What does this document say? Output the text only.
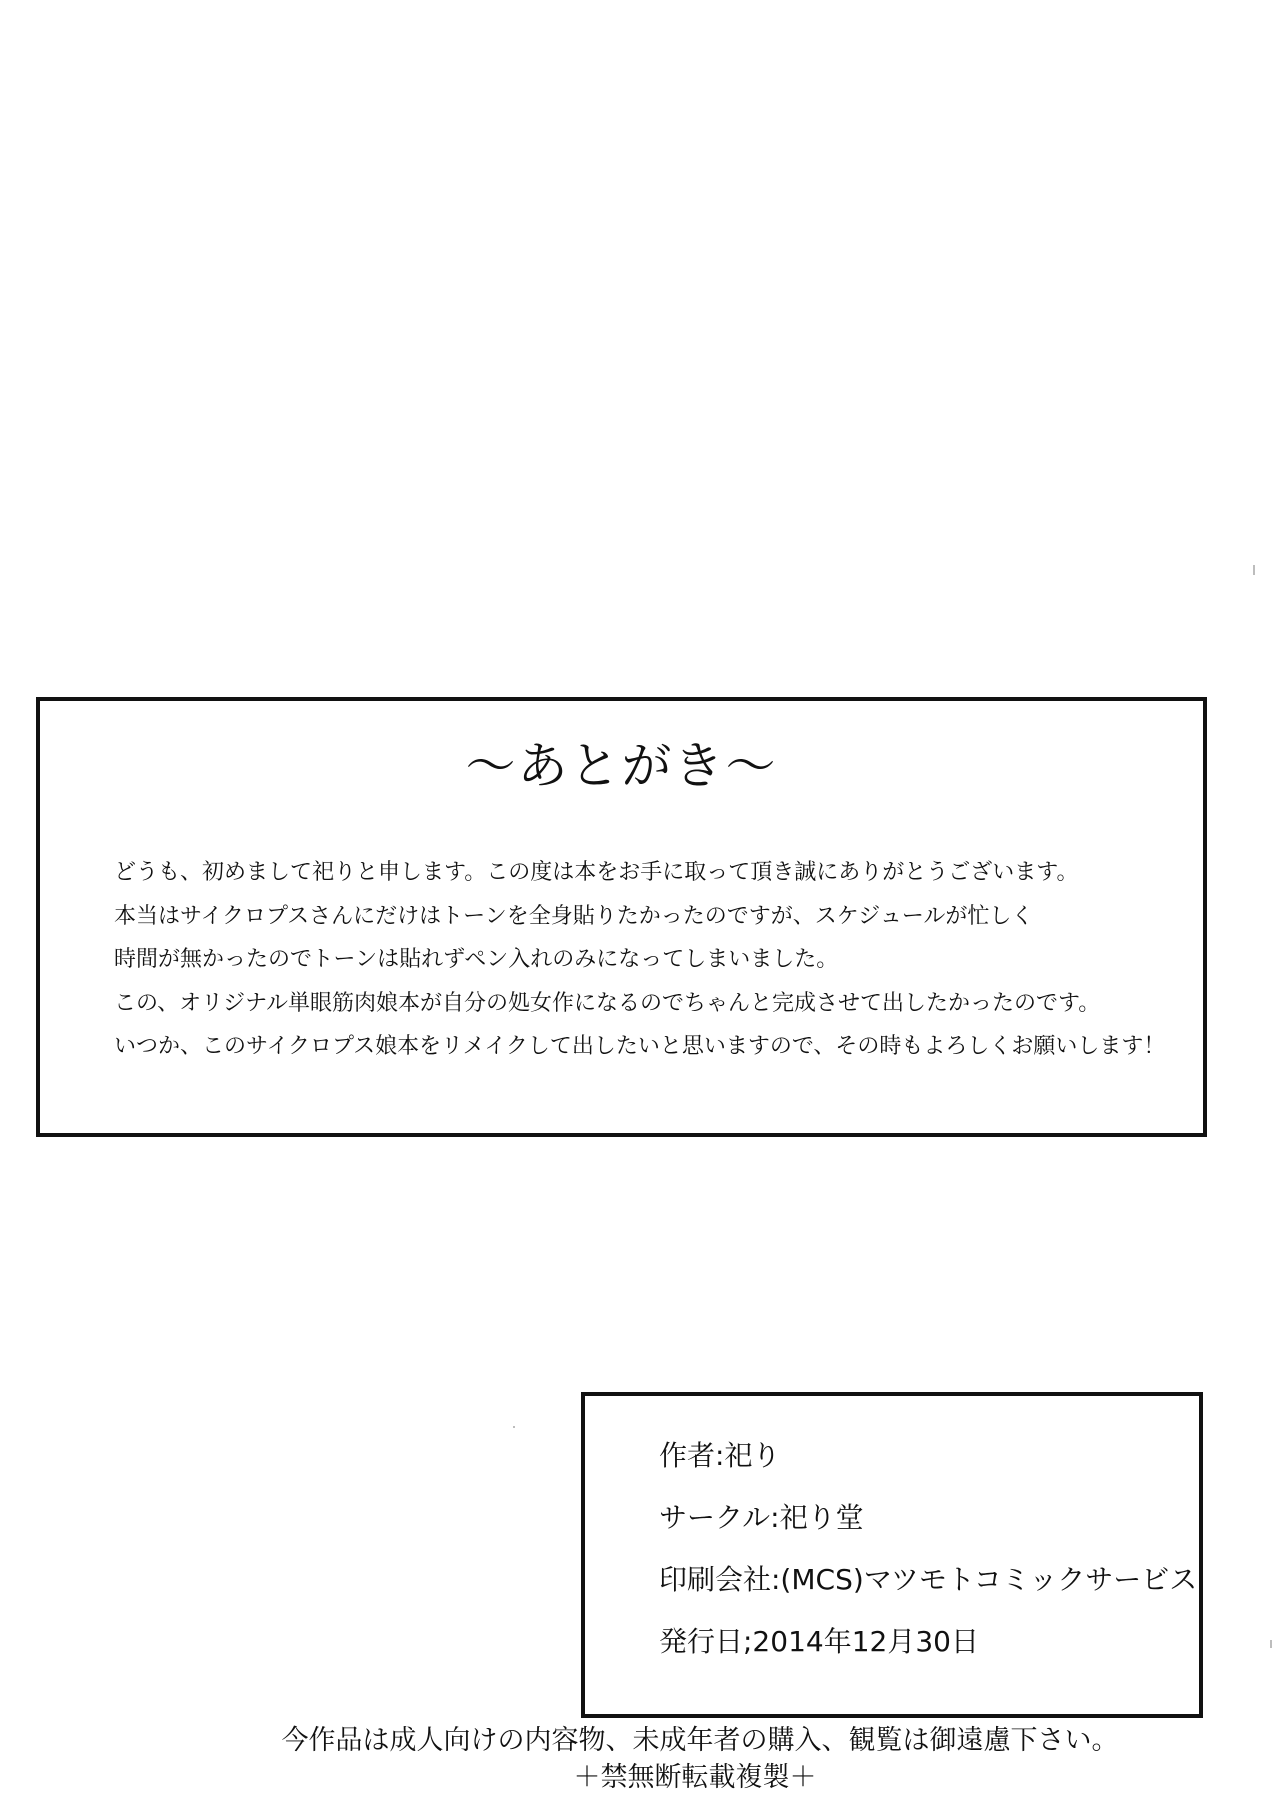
〜あとがき〜
どうも、初めまして祀りと申します。この度は本をお手に取って頂き誠にありがとうございます。
本当はサイクロプスさんにだけはトーンを全身貼りたかったのですが、スケジュールが忙しく
時間が無かったのでトーンは貼れずペン入れのみになってしまいました。
この、オリジナル単眼筋肉娘本が自分の処女作になるのでちゃんと完成させて出したかったのです。
いつか、このサイクロプス娘本をリメイクして出したいと思いますので、その時もよろしくお願いします！
作者:祀り
サークル:祀り堂
印刷会社:(MCS)マツモトコミックサービス
発行日;2014年12月30日
今作品は成人向けの内容物、未成年者の購入、観覧は御遠慮下さい。
＋禁無断転載複製＋
